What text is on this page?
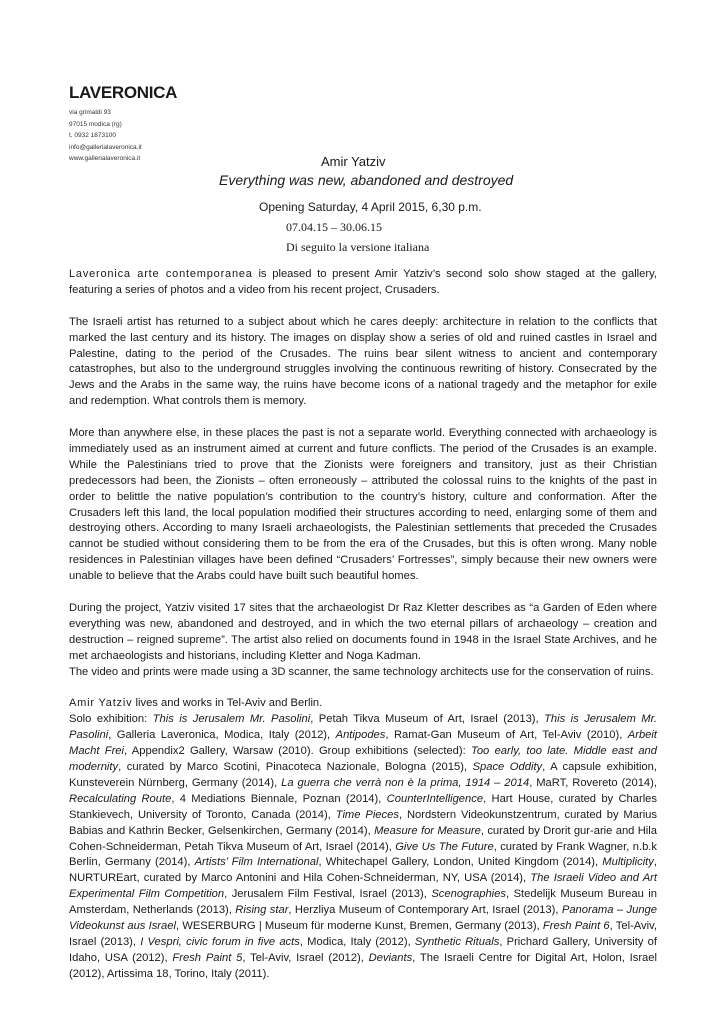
LAVERONICA
via grimaldi 93
97015 modica (rg)
t. 0932 1873100
info@gallerialaveronica.it
www.gallerialaveronica.it	Amir Yatziv
Everything was new, abandoned and destroyed
Opening Saturday, 4 April 2015, 6,30 p.m.
07.04.15 – 30.06.15
Di seguito la versione italiana

Laveronica arte contemporanea is pleased to present Amir Yatziv’s second solo show staged at the gallery, featuring a series of photos and a video from his recent project, Crusaders.

The Israeli artist has returned to a subject about which he cares deeply: architecture in relation to the conflicts that marked the last century and its history. The images on display show a series of old and ruined castles in Israel and Palestine, dating to the period of the Crusades. The ruins bear silent witness to ancient and contemporary catastrophes, but also to the underground struggles involving the continuous rewriting of history. Consecrated by the Jews and the Arabs in the same way, the ruins have become icons of a national tragedy and the metaphor for exile and redemption. What controls them is memory.

More than anywhere else, in these places the past is not a separate world. Everything connected with archaeology is immediately used as an instrument aimed at current and future conflicts. The period of the Crusades is an example. While the Palestinians tried to prove that the Zionists were foreigners and transitory, just as their Christian predecessors had been, the Zionists – often erroneously – attributed the colossal ruins to the knights of the past in order to belittle the native population’s contribution to the country’s history, culture and conformation. After the Crusaders left this land, the local population modified their structures according to need, enlarging some of them and destroying others. According to many Israeli archaeologists, the Palestinian settlements that preceded the Crusades cannot be studied without considering them to be from the era of the Crusades, but this is often wrong. Many noble residences in Palestinian villages have been defined “Crusaders’ Fortresses”, simply because their new owners were unable to believe that the Arabs could have built such beautiful homes.

During the project, Yatziv visited 17 sites that the archaeologist Dr Raz Kletter describes as “a Garden of Eden where everything was new, abandoned and destroyed, and in which the two eternal pillars of archaeology – creation and destruction – reigned supreme”. The artist also relied on documents found in 1948 in the Israel State Archives, and he met archaeologists and historians, including Kletter and Noga Kadman.

The video and prints were made using a 3D scanner, the same technology architects use for the conservation of ruins.

Amir Yatziv lives and works in Tel-Aviv and Berlin.
Solo exhibition: This is Jerusalem Mr. Pasolini, Petah Tikva Museum of Art, Israel (2013), This is Jerusalem Mr. Pasolini, Galleria Laveronica, Modica, Italy (2012), Antipodes, Ramat-Gan Museum of Art, Tel-Aviv (2010), Arbeit Macht Frei, Appendix2 Gallery, Warsaw (2010). Group exhibitions (selected): Too early, too late. Middle east and modernity, curated by Marco Scotini, Pinacoteca Nazionale, Bologna (2015), Space Oddity, A capsule exhibition, Kunsteverein Nürnberg, Germany (2014), La guerra che verrà non è la prima, 1914 – 2014, MaRT, Rovereto (2014), Recalculating Route, 4 Mediations Biennale, Poznan (2014), CounterIntelligence, Hart House, curated by Charles Stankievech, University of Toronto, Canada (2014), Time Pieces, Nordstern Videokunstzentrum, curated by Marius Babias and Kathrin Becker, Gelsenkirchen, Germany (2014), Measure for Measure, curated by Drorit gur-arie and Hila Cohen-Schneiderman, Petah Tikva Museum of Art, Israel (2014), Give Us The Future, curated by Frank Wagner, n.b.k Berlin, Germany (2014), Artists’ Film International, Whitechapel Gallery, London, United Kingdom (2014), Multiplicity, NURTUREart, curated by Marco Antonini and Hila Cohen-Schneiderman, NY, USA (2014), The Israeli Video and Art Experimental Film Competition, Jerusalem Film Festival, Israel (2013), Scenographies, Stedelijk Museum Bureau in Amsterdam, Netherlands (2013), Rising star, Herzliya Museum of Contemporary Art, Israel (2013), Panorama – Junge Videokunst aus Israel, WESERBURG | Museum für moderne Kunst, Bremen, Germany (2013), Fresh Paint 6, Tel-Aviv, Israel (2013), I Vespri, civic forum in five acts, Modica, Italy (2012), Synthetic Rituals, Prichard Gallery, University of Idaho, USA (2012), Fresh Paint 5, Tel-Aviv, Israel (2012), Deviants, The Israeli Centre for Digital Art, Holon, Israel (2012), Artissima 18, Torino, Italy (2011).
